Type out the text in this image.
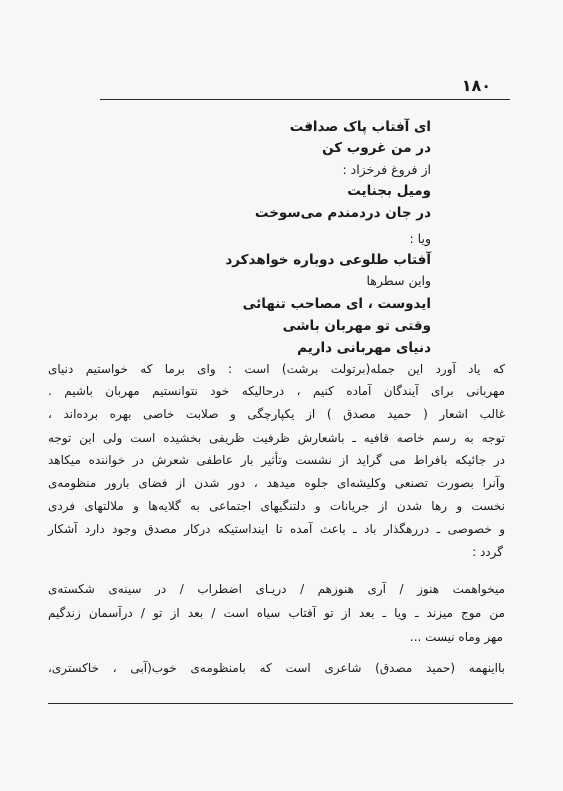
۱۸۰
ای آفتاب پاک صداقت
در من غروب کن
از فروغ فرخزاد :
ومیل بجنایت
در جان دردمندم می‌سوخت
ویا :
آفتاب طلوعی دوباره خواهدکرد
واین سطرها
ایدوست ، ای مصاحب تنهائی
وقتی تو مهربان باشی
دنیای مهربانی داریم
که یاد آورد این جمله(برتولت برشت) است : وای برما که خواستیم دنیای
مهربانی برای آیندگان آماده کنیم ، درحالیکه خود نتوانستیم مهربان باشیم .
غالب اشعار ( حمید مصدق ) از یکپارچگی و صلابت خاصی بهره برده‌اند ،
توجه به رسم خاصه قافیه ـ باشعارش ظرفیت ظریفی بخشیده است ولی این توجه
در جائیکه بافراط می گراید از نشست وتأثیر بار عاطفی شعرش در خواننده میکاهد
وآنرا بصورت تصنعی وکلیشه‌ای جلوه میدهد ، دور شدن از فضای بارور منظومه‌ی
نخست و رها شدن از جریانات و دلتنگیهای اجتماعی به گلایه‌ها و ملالتهای فردی
و خصوصی ـ دررهگذار باد ـ باعث آمده تا اینداستیکه درکار مصدق وجود دارد آشکار
گردد :
میخواهمت هنوز / آری هنوزهم / دریـای اضطراب / در سینه‌ی شکسته‌ی
من موج میزند ـ ویا ـ بعد از تو آفتاب سیاه است / بعد از تو / درآسمان زندگیم
مهر وماه نیست ...
بااینهمه (حمید مصدق) شاعری است که بامنظومه‌ی خوب(آبی ، خاکستری،
